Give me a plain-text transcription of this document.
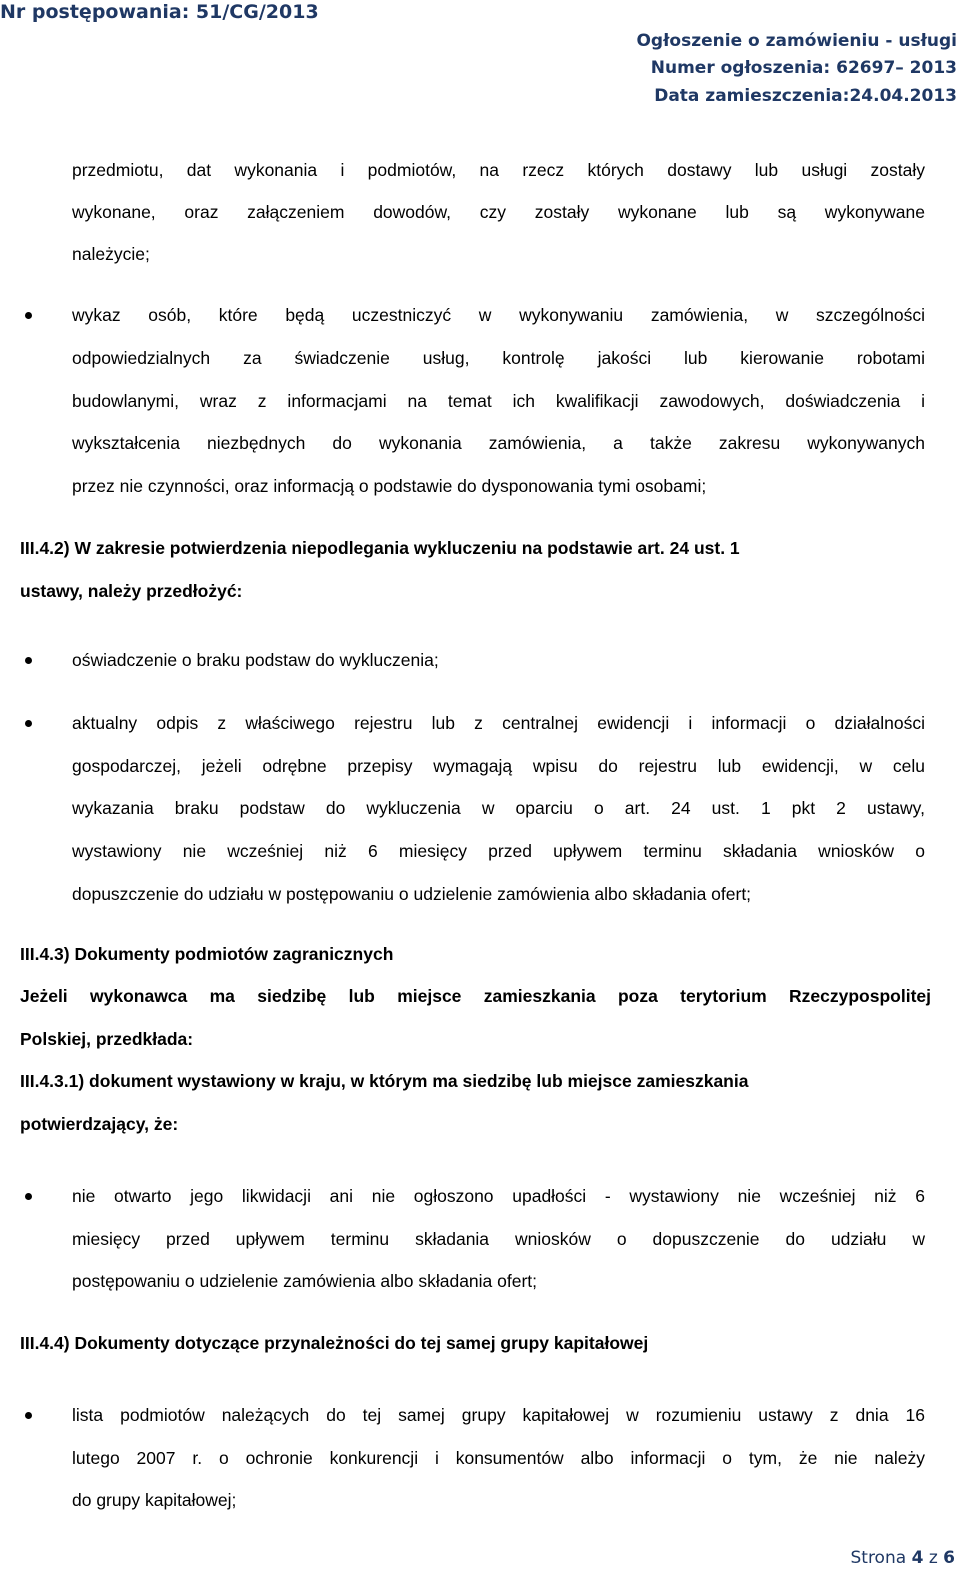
Nr postępowania: 51/CG/2013
Ogłoszenie o zamówieniu - usługi
Numer ogłoszenia: 62697– 2013
Data zamieszczenia:24.04.2013
przedmiotu, dat wykonania i podmiotów, na rzecz których dostawy lub usługi zostały
wykonane, oraz załączeniem dowodów, czy zostały wykonane lub są wykonywane
należycie;
wykaz osób, które będą uczestniczyć w wykonywaniu zamówienia, w szczególności
odpowiedzialnych za świadczenie usług, kontrolę jakości lub kierowanie robotami
budowlanymi, wraz z informacjami na temat ich kwalifikacji zawodowych, doświadczenia i
wykształcenia niezbędnych do wykonania zamówienia, a także zakresu wykonywanych
przez nie czynności, oraz informacją o podstawie do dysponowania tymi osobami;
III.4.2) W zakresie potwierdzenia niepodlegania wykluczeniu na podstawie art. 24 ust. 1
ustawy, należy przedłożyć:
oświadczenie o braku podstaw do wykluczenia;
aktualny odpis z właściwego rejestru lub z centralnej ewidencji i informacji o działalności
gospodarczej, jeżeli odrębne przepisy wymagają wpisu do rejestru lub ewidencji, w celu
wykazania braku podstaw do wykluczenia w oparciu o art. 24 ust. 1 pkt 2 ustawy,
wystawiony nie wcześniej niż 6 miesięcy przed upływem terminu składania wniosków o
dopuszczenie do udziału w postępowaniu o udzielenie zamówienia albo składania ofert;
III.4.3) Dokumenty podmiotów zagranicznych
Jeżeli wykonawca ma siedzibę lub miejsce zamieszkania poza terytorium Rzeczypospolitej
Polskiej, przedkłada:
III.4.3.1) dokument wystawiony w kraju, w którym ma siedzibę lub miejsce zamieszkania
potwierdzający, że:
nie otwarto jego likwidacji ani nie ogłoszono upadłości - wystawiony nie wcześniej niż 6
miesięcy przed upływem terminu składania wniosków o dopuszczenie do udziału w
postępowaniu o udzielenie zamówienia albo składania ofert;
III.4.4) Dokumenty dotyczące przynależności do tej samej grupy kapitałowej
lista podmiotów należących do tej samej grupy kapitałowej w rozumieniu ustawy z dnia 16
lutego 2007 r. o ochronie konkurencji i konsumentów albo informacji o tym, że nie należy
do grupy kapitałowej;
Strona 4 z 6
